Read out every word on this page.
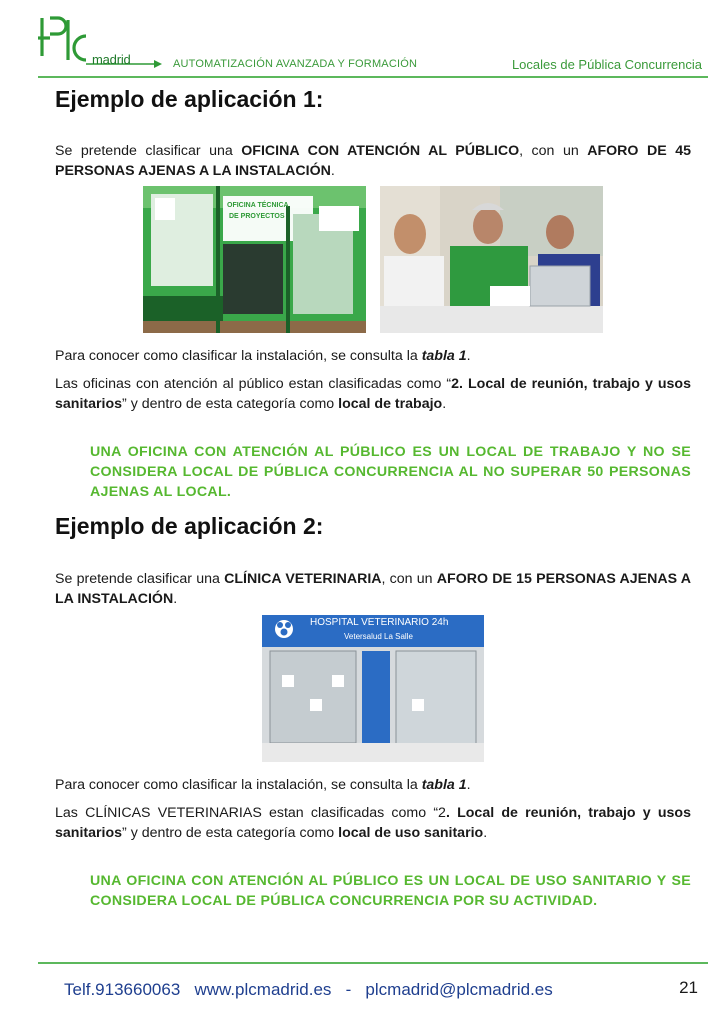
madrid	AUTOMATIZACIÓN AVANZADA Y FORMACIÓN	Locales de Pública Concurrencia
Ejemplo de aplicación 1:

Se pretende clasificar una OFICINA CON ATENCIÓN AL PÚBLICO, con un AFORO DE 45 PERSONAS AJENAS A LA INSTALACIÓN.

OFICINA TÉCNICA
DE PROYECTOS

Para conocer como clasificar la instalación, se consulta la tabla 1.

Las oficinas con atención al público estan clasificadas como “2. Local de reunión, trabajo y usos sanitarios” y dentro de esta categoría como local de trabajo.

UNA OFICINA CON ATENCIÓN AL PÚBLICO ES UN LOCAL DE TRABAJO Y NO SE CONSIDERA LOCAL DE PÚBLICA CONCURRENCIA AL NO SUPERAR 50 PERSONAS AJENAS AL LOCAL.

Ejemplo de aplicación 2:

Se pretende clasificar una CLÍNICA VETERINARIA, con un AFORO DE 15 PERSONAS AJENAS A LA INSTALACIÓN.

HOSPITAL VETERINARIO 24h
Vetersalud La Salle

Para conocer como clasificar la instalación, se consulta la tabla 1.

Las CLÍNICAS VETERINARIAS estan clasificadas como “2. Local de reunión, trabajo y usos sanitarios” y dentro de esta categoría como local de uso sanitario.

UNA OFICINA CON ATENCIÓN AL PÚBLICO ES UN LOCAL DE USO SANITARIO Y SE CONSIDERA LOCAL DE PÚBLICA CONCURRENCIA POR SU ACTIVIDAD.

Telf.913660063   www.plcmadrid.es   -   plcmadrid@plcmadrid.es	21
